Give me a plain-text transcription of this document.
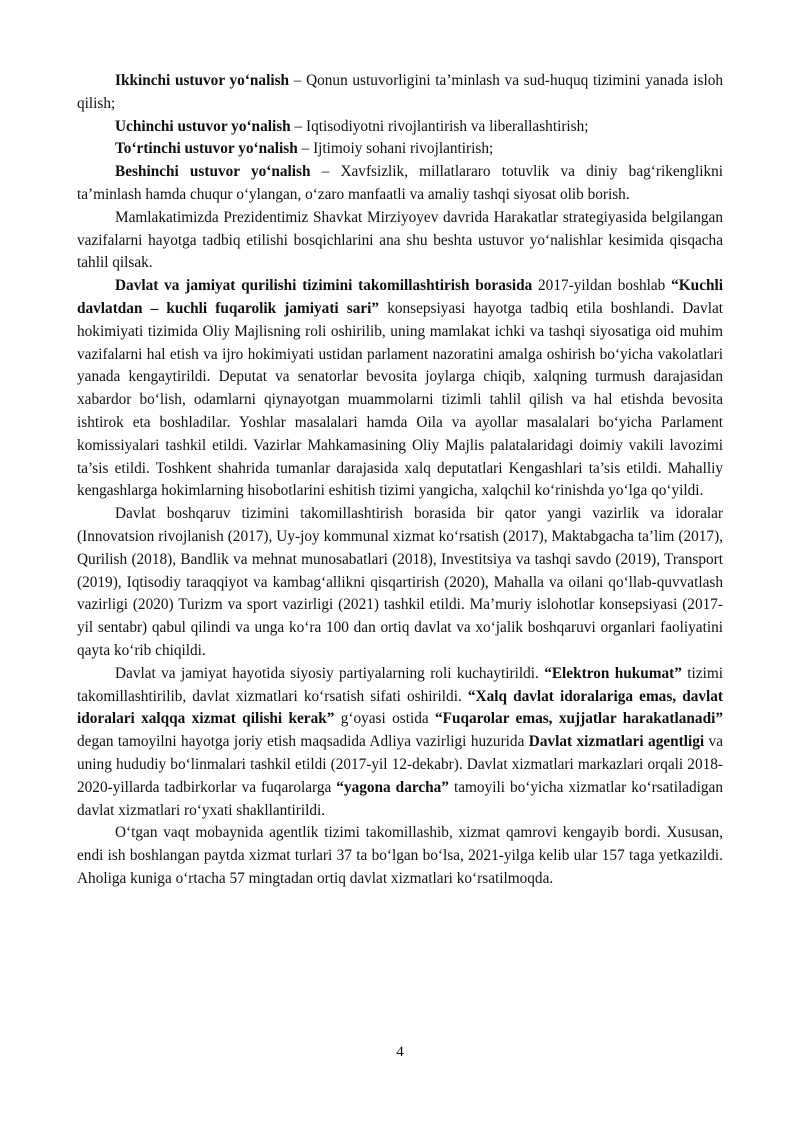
Ikkinchi ustuvor yo‘nalish – Qonun ustuvorligini ta’minlash va sud-huquq tizimini yanada isloh qilish;

Uchinchi ustuvor yo‘nalish – Iqtisodiyotni rivojlantirish va liberallashtirish;

To‘rtinchi ustuvor yo‘nalish – Ijtimoiy sohani rivojlantirish;

Beshinchi ustuvor yo‘nalish – Xavfsizlik, millatlararo totuvlik va diniy bag‘rikenglikni ta’minlash hamda chuqur o‘ylangan, o‘zaro manfaatli va amaliy tashqi siyosat olib borish.

Mamlakatimizda Prezidentimiz Shavkat Mirziyoyev davrida Harakatlar strategiyasida belgilangan vazifalarni hayotga tadbiq etilishi bosqichlarini ana shu beshta ustuvor yo‘nalishlar kesimida qisqacha tahlil qilsak.

Davlat va jamiyat qurilishi tizimini takomillashtirish borasida 2017-yildan boshlab “Kuchli davlatdan – kuchli fuqarolik jamiyati sari” konsepsiyasi hayotga tadbiq etila boshlandi. Davlat hokimiyati tizimida Oliy Majlisning roli oshirilib, uning mamlakat ichki va tashqi siyosatiga oid muhim vazifalarni hal etish va ijro hokimiyati ustidan parlament nazoratini amalga oshirish bo‘yicha vakolatlari yanada kengaytirildi. Deputat va senatorlar bevosita joylarga chiqib, xalqning turmush darajasidan xabardor bo‘lish, odamlarni qiynayotgan muammolarni tizimli tahlil qilish va hal etishda bevosita ishtirok eta boshladilar. Yoshlar masalalari hamda Oila va ayollar masalalari bo‘yicha Parlament komissiyalari tashkil etildi. Vazirlar Mahkamasining Oliy Majlis palatalaridagi doimiy vakili lavozimi ta’sis etildi. Toshkent shahrida tumanlar darajasida xalq deputatlari Kengashlari ta’sis etildi. Mahalliy kengashlarga hokimlarning hisobotlarini eshitish tizimi yangicha, xalqchil ko‘rinishda yo‘lga qo‘yildi.

Davlat boshqaruv tizimini takomillashtirish borasida bir qator yangi vazirlik va idoralar (Innovatsion rivojlanish (2017), Uy-joy kommunal xizmat ko‘rsatish (2017), Maktabgacha ta’lim (2017), Qurilish (2018), Bandlik va mehnat munosabatlari (2018), Investitsiya va tashqi savdo (2019), Transport (2019), Iqtisodiy taraqqiyot va kambag‘allikni qisqartirish (2020), Mahalla va oilani qo‘llab-quvvatlash vazirligi (2020) Turizm va sport vazirligi (2021) tashkil etildi. Ma’muriy islohotlar konsepsiyasi (2017-yil sentabr) qabul qilindi va unga ko‘ra 100 dan ortiq davlat va xo‘jalik boshqaruvi organlari faoliyatini qayta ko‘rib chiqildi.

Davlat va jamiyat hayotida siyosiy partiyalarning roli kuchaytirildi. “Elektron hukumat” tizimi takomillashtirilib, davlat xizmatlari ko‘rsatish sifati oshirildi. “Xalq davlat idoralariga emas, davlat idoralari xalqqa xizmat qilishi kerak” g‘oyasi ostida “Fuqarolar emas, xujjatlar harakatlanadi” degan tamoyilni hayotga joriy etish maqsadida Adliya vazirligi huzurida Davlat xizmatlari agentligi va uning hududiy bo‘linmalari tashkil etildi (2017-yil 12-dekabr). Davlat xizmatlari markazlari orqali 2018-2020-yillarda tadbirkorlar va fuqarolarga “yagona darcha” tamoyili bo‘yicha xizmatlar ko‘rsatiladigan davlat xizmatlari ro‘yxati shakllantirildi.

O‘tgan vaqt mobaynida agentlik tizimi takomillashib, xizmat qamrovi kengayib bordi. Xususan, endi ish boshlangan paytda xizmat turlari 37 ta bo‘lgan bo‘lsa, 2021-yilga kelib ular 157 taga yetkazildi. Aholiga kuniga o‘rtacha 57 mingtadan ortiq davlat xizmatlari ko‘rsatilmoqda.

4
